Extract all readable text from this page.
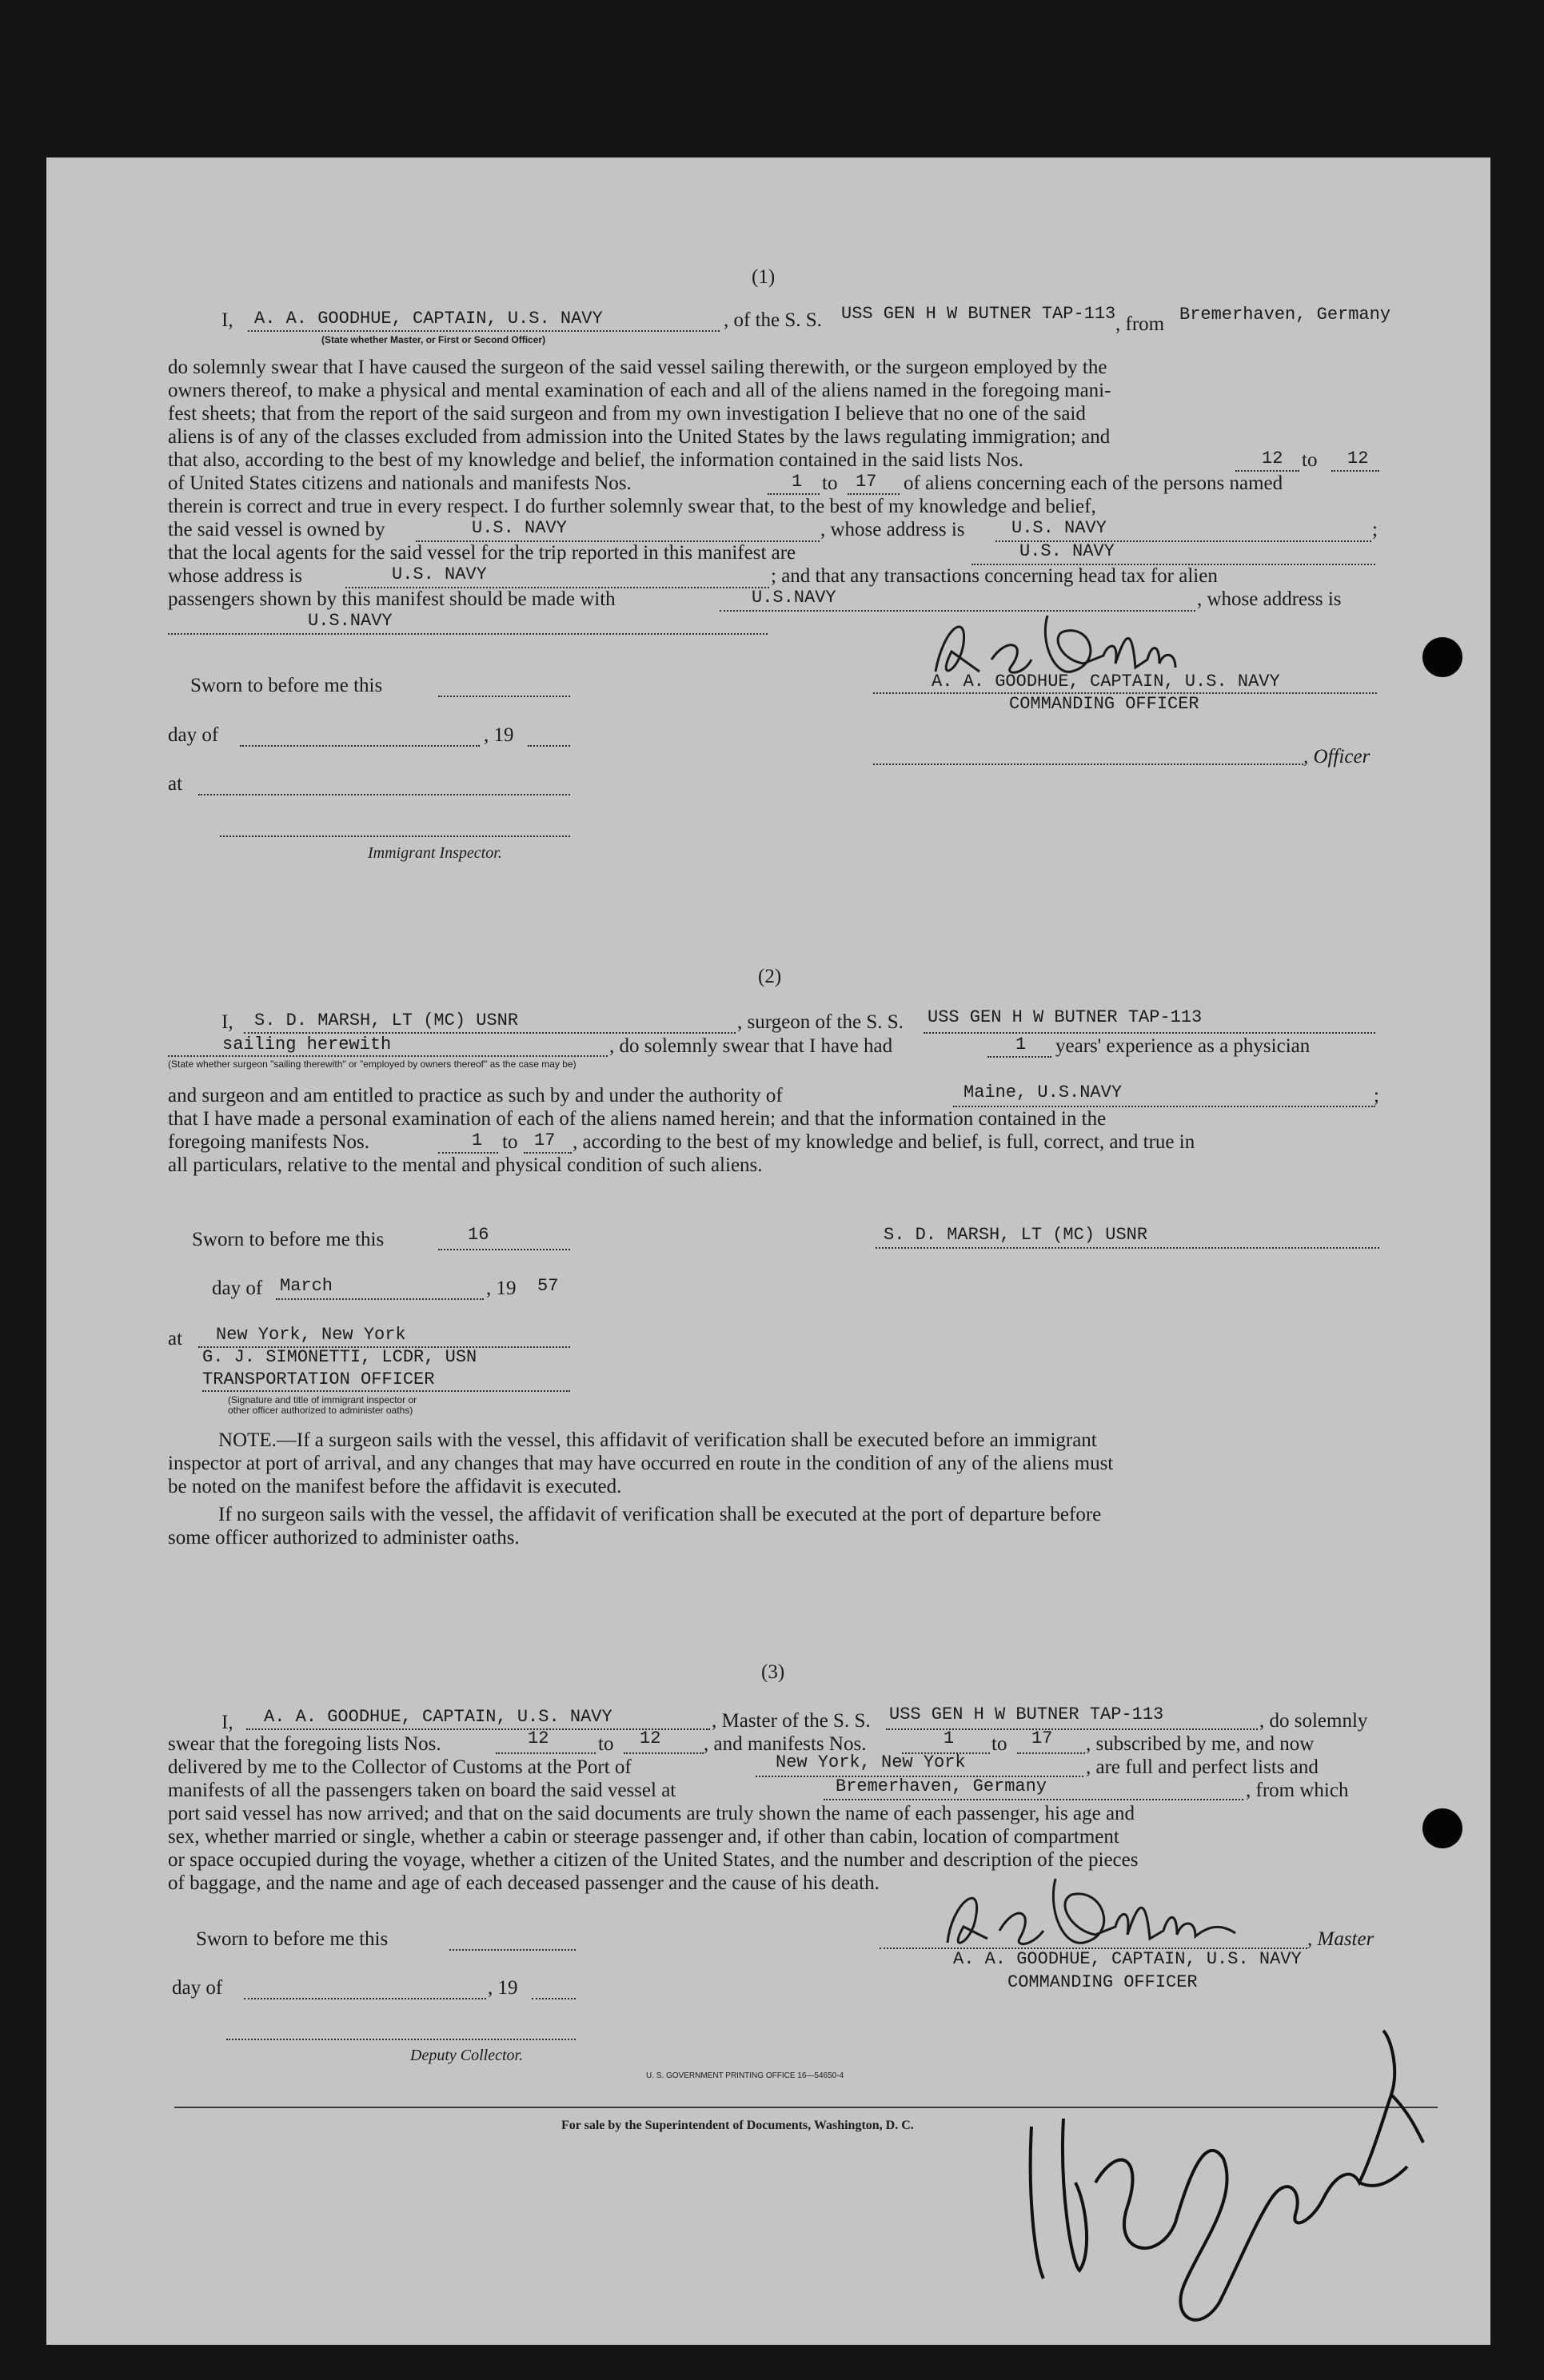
(1)
I, A. A. GOODHUE, CAPTAIN, U.S. NAVY
(State whether Master, or First or Second Officer)
, of the S. S. USS GEN H W BUTNER TAP-113 , from Bremerhaven, Germany
do solemnly swear that I have caused the surgeon of the said vessel sailing therewith, or the surgeon employed by the
owners thereof, to make a physical and mental examination of each and all of the aliens named in the foregoing mani-
fest sheets; that from the report of the said surgeon and from my own investigation I believe that no one of the said
aliens is of any of the classes excluded from admission into the United States by the laws regulating immigration; and
that also, according to the best of my knowledge and belief, the information contained in the said lists Nos.	12 to 12
of United States citizens and nationals and manifests Nos.	1 to 17 of aliens concerning each of the persons named
therein is correct and true in every respect. I do further solemnly swear that, to the best of my knowledge and belief,
the said vessel is owned by	U.S. NAVY	, whose address is	U.S. NAVY	;
that the local agents for the said vessel for the trip reported in this manifest are	U.S. NAVY
whose address is	U.S. NAVY	; and that any transactions concerning head tax for alien
passengers shown by this manifest should be made with	U.S.NAVY	, whose address is
U.S.NAVY
Sworn to before me this
day of	, 19
at
Immigrant Inspector.
A. A. GOODHUE, CAPTAIN, U.S. NAVY
COMMANDING OFFICER
, Officer
(2)
I, S. D. MARSH, LT (MC) USNR	, surgeon of the S. S. USS GEN H W BUTNER TAP-113
sailing herewith
(State whether surgeon "sailing therewith" or "employed by owners thereof" as the case may be)
, do solemnly swear that I have had	1 years' experience as a physician
and surgeon and am entitled to practice as such by and under the authority of	Maine, U.S.NAVY	;
that I have made a personal examination of each of the aliens named herein; and that the information contained in the
foregoing manifests Nos.	1 to 17 , according to the best of my knowledge and belief, is full, correct, and true in
all particulars, relative to the mental and physical condition of such aliens.
Sworn to before me this	16
day of March	, 19 57
at New York, New York
G. J. SIMONETTI, LCDR, USN
TRANSPORTATION OFFICER
(Signature and title of immigrant inspector or
other officer authorized to administer oaths)
S. D. MARSH, LT (MC) USNR
NOTE.—If a surgeon sails with the vessel, this affidavit of verification shall be executed before an immigrant
inspector at port of arrival, and any changes that may have occurred en route in the condition of any of the aliens must
be noted on the manifest before the affidavit is executed.
If no surgeon sails with the vessel, the affidavit of verification shall be executed at the port of departure before
some officer authorized to administer oaths.
(3)
I, A. A. GOODHUE, CAPTAIN, U.S. NAVY	, Master of the S. S. USS GEN H W BUTNER TAP-113	, do solemnly
swear that the foregoing lists Nos.	12 to 12 , and manifests Nos.	1 to 17 , subscribed by me, and now
delivered by me to the Collector of Customs at the Port of	New York, New York	, are full and perfect lists and
manifests of all the passengers taken on board the said vessel at	Bremerhaven, Germany	, from which
port said vessel has now arrived; and that on the said documents are truly shown the name of each passenger, his age and
sex, whether married or single, whether a cabin or steerage passenger and, if other than cabin, location of compartment
or space occupied during the voyage, whether a citizen of the United States, and the number and description of the pieces
of baggage, and the name and age of each deceased passenger and the cause of his death.
Sworn to before me this
day of	, 19
Deputy Collector.
, Master
A. A. GOODHUE, CAPTAIN, U.S. NAVY
COMMANDING OFFICER
U. S. GOVERNMENT PRINTING OFFICE 16—54650-4
For sale by the Superintendent of Documents, Washington, D. C.
